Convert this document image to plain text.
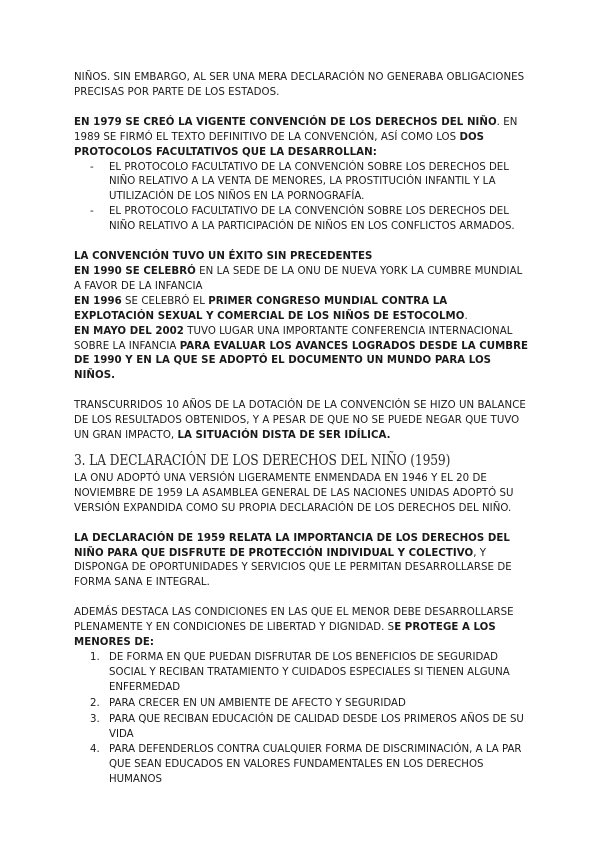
NIÑOS. SIN EMBARGO, AL SER UNA MERA DECLARACIÓN NO GENERABA OBLIGACIONES PRECISAS POR PARTE DE LOS ESTADOS.

EN 1979 SE CREÓ LA VIGENTE CONVENCIÓN DE LOS DERECHOS DEL NIÑO. EN 1989 SE FIRMÓ EL TEXTO DEFINITIVO DE LA CONVENCIÓN, ASÍ COMO LOS DOS PROTOCOLOS FACULTATIVOS QUE LA DESARROLLAN:

- EL PROTOCOLO FACULTATIVO DE LA CONVENCIÓN SOBRE LOS DERECHOS DEL NIÑO RELATIVO A LA VENTA DE MENORES, LA PROSTITUCIÓN INFANTIL Y LA UTILIZACIÓN DE LOS NIÑOS EN LA PORNOGRAFÍA.
- EL PROTOCOLO FACULTATIVO DE LA CONVENCIÓN SOBRE LOS DERECHOS DEL NIÑO RELATIVO A LA PARTICIPACIÓN DE NIÑOS EN LOS CONFLICTOS ARMADOS.

LA CONVENCIÓN TUVO UN ÉXITO SIN PRECEDENTES
EN 1990 SE CELEBRÓ EN LA SEDE DE LA ONU DE NUEVA YORK LA CUMBRE MUNDIAL A FAVOR DE LA INFANCIA
EN 1996 SE CELEBRÓ EL PRIMER CONGRESO MUNDIAL CONTRA LA EXPLOTACIÓN SEXUAL Y COMERCIAL DE LOS NIÑOS DE ESTOCOLMO.
EN MAYO DEL 2002 TUVO LUGAR UNA IMPORTANTE CONFERENCIA INTERNACIONAL SOBRE LA INFANCIA PARA EVALUAR LOS AVANCES LOGRADOS DESDE LA CUMBRE DE 1990 Y EN LA QUE SE ADOPTÓ EL DOCUMENTO UN MUNDO PARA LOS NIÑOS.

TRANSCURRIDOS 10 AÑOS DE LA DOTACIÓN DE LA CONVENCIÓN SE HIZO UN BALANCE DE LOS RESULTADOS OBTENIDOS, Y A PESAR DE QUE NO SE PUEDE NEGAR QUE TUVO UN GRAN IMPACTO, LA SITUACIÓN DISTA DE SER IDÍLICA.

3. LA DECLARACIÓN DE LOS DERECHOS DEL NIÑO (1959)

LA ONU ADOPTÓ UNA VERSIÓN LIGERAMENTE ENMENDADA EN 1946 Y EL 20 DE NOVIEMBRE DE 1959 LA ASAMBLEA GENERAL DE LAS NACIONES UNIDAS ADOPTÓ SU VERSIÓN EXPANDIDA COMO SU PROPIA DECLARACIÓN DE LOS DERECHOS DEL NIÑO.

LA DECLARACIÓN DE 1959 RELATA LA IMPORTANCIA DE LOS DERECHOS DEL NIÑO PARA QUE DISFRUTE DE PROTECCIÓN INDIVIDUAL Y COLECTIVO, Y DISPONGA DE OPORTUNIDADES Y SERVICIOS QUE LE PERMITAN DESARROLLARSE DE FORMA SANA E INTEGRAL.

ADEMÁS DESTACA LAS CONDICIONES EN LAS QUE EL MENOR DEBE DESARROLLARSE PLENAMENTE Y EN CONDICIONES DE LIBERTAD Y DIGNIDAD. SE PROTEGE A LOS MENORES DE:

1. DE FORMA EN QUE PUEDAN DISFRUTAR DE LOS BENEFICIOS DE SEGURIDAD SOCIAL Y RECIBAN TRATAMIENTO Y CUIDADOS ESPECIALES SI TIENEN ALGUNA ENFERMEDAD
2. PARA CRECER EN UN AMBIENTE DE AFECTO Y SEGURIDAD
3. PARA QUE RECIBAN EDUCACIÓN DE CALIDAD DESDE LOS PRIMEROS AÑOS DE SU VIDA
4. PARA DEFENDERLOS CONTRA CUALQUIER FORMA DE DISCRIMINACIÓN, A LA PAR QUE SEAN EDUCADOS EN VALORES FUNDAMENTALES EN LOS DERECHOS HUMANOS
